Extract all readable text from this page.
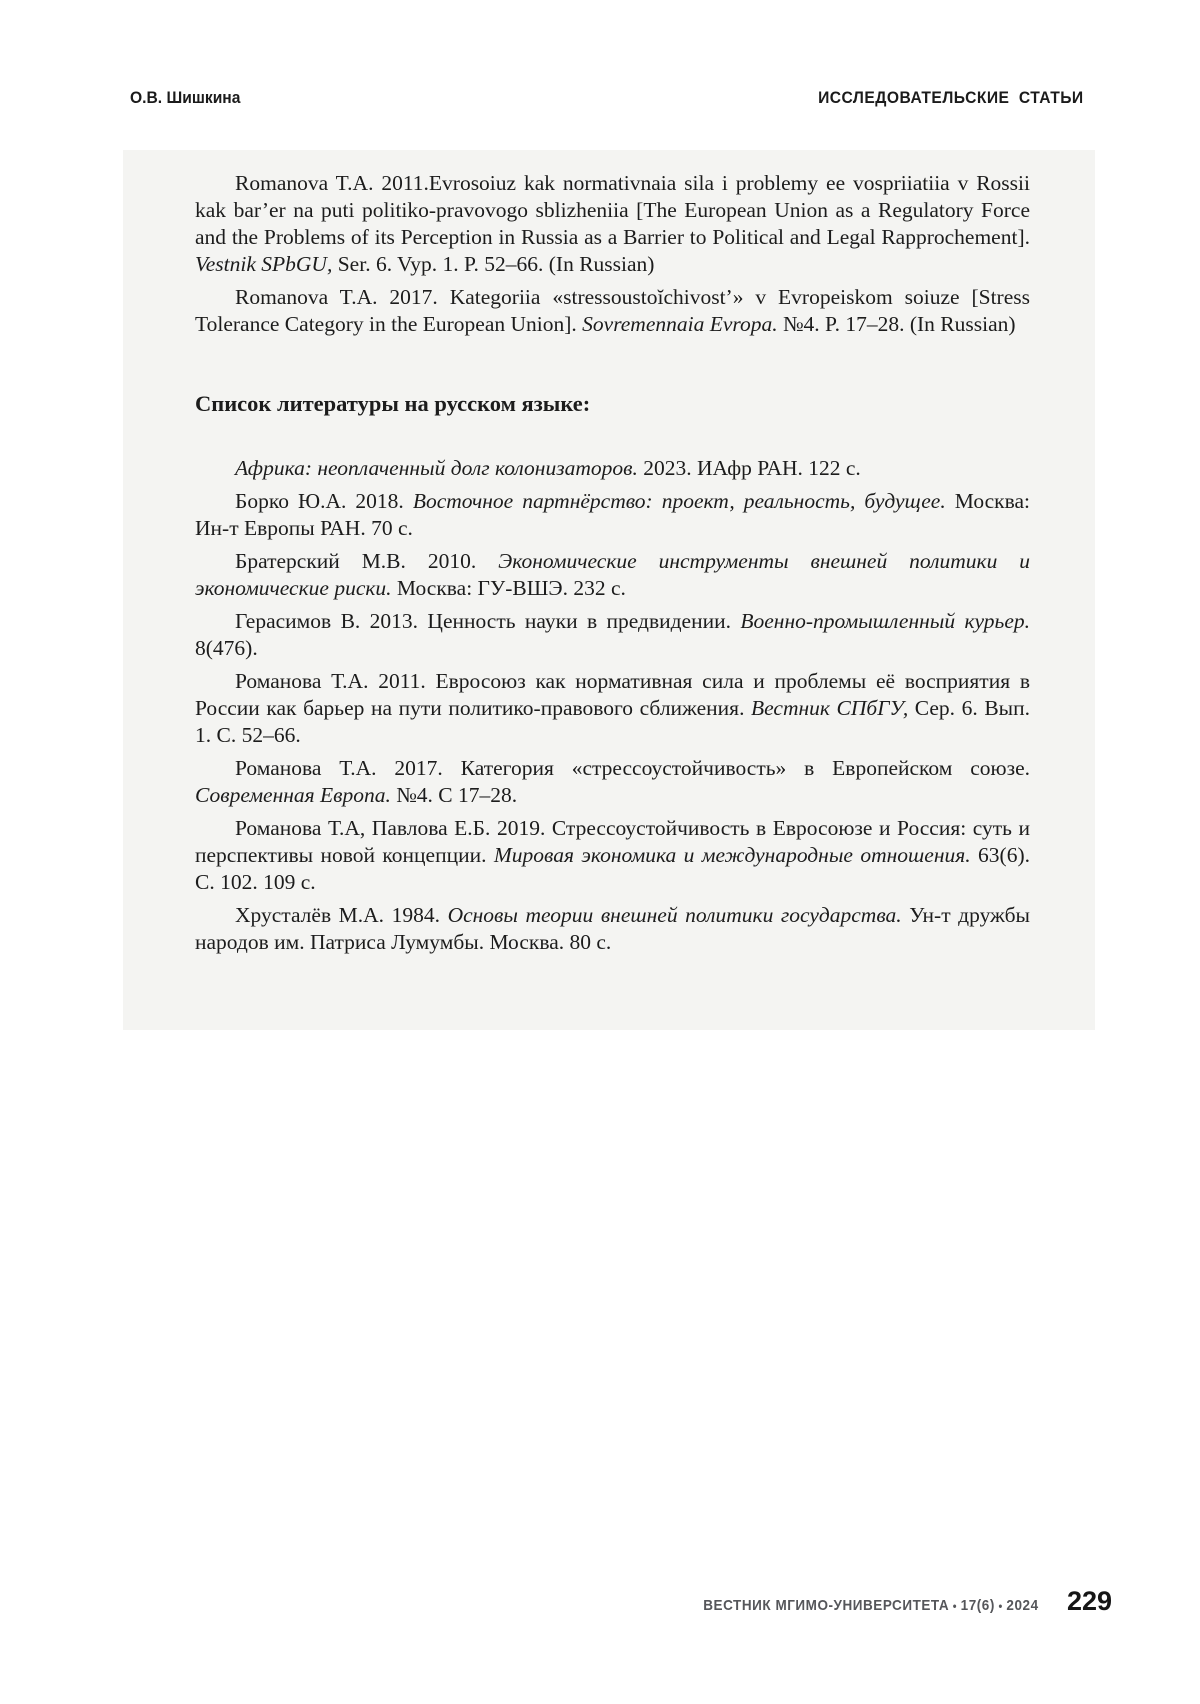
О.В. Шишкина	ИССЛЕДОВАТЕЛЬСКИЕ СТАТЬИ

Romanova T.A. 2011.Evrosoiuz kak normativnaia sila i problemy ee vospriiatiia v Rossii kak bar’er na puti politiko-pravovogo sblizheniia [The European Union as a Regulatory Force and the Problems of its Perception in Russia as a Barrier to Political and Legal Rapprochement]. Vestnik SPbGU, Ser. 6. Vyp. 1. P. 52–66. (In Russian)

Romanova T.A. 2017. Kategoriia «stressoustoĭchivost’» v Evropeiskom soiuze [Stress Tolerance Category in the European Union]. Sovremennaia Evropa. №4. P. 17–28. (In Russian)

Список литературы на русском языке:

Африка: неоплаченный долг колонизаторов. 2023. ИАфр РАН. 122 с.

Борко Ю.А. 2018. Восточное партнёрство: проект, реальность, будущее. Москва: Ин-т Европы РАН. 70 с.

Братерский М.В. 2010. Экономические инструменты внешней политики и экономические риски. Москва: ГУ-ВШЭ. 232 с.

Герасимов В. 2013. Ценность науки в предвидении. Военно-промышленный курьер. 8(476).

Романова Т.А. 2011. Евросоюз как нормативная сила и проблемы её восприятия в России как барьер на пути политико-правового сближения. Вестник СПбГУ, Сер. 6. Вып. 1. С. 52–66.

Романова Т.А. 2017. Категория «стрессоустойчивость» в Европейском союзе. Современная Европа. №4. С 17–28.

Романова Т.А, Павлова Е.Б. 2019. Стрессоустойчивость в Евросоюзе и Россия: суть и перспективы новой концепции. Мировая экономика и международные отношения. 63(6). С. 102. 109 с.

Хрусталёв М.А. 1984. Основы теории внешней политики государства. Ун-т дружбы народов им. Патриса Лумумбы. Москва. 80 с.

ВЕСТНИК МГИМО-УНИВЕРСИТЕТА • 17(6) • 2024 229
